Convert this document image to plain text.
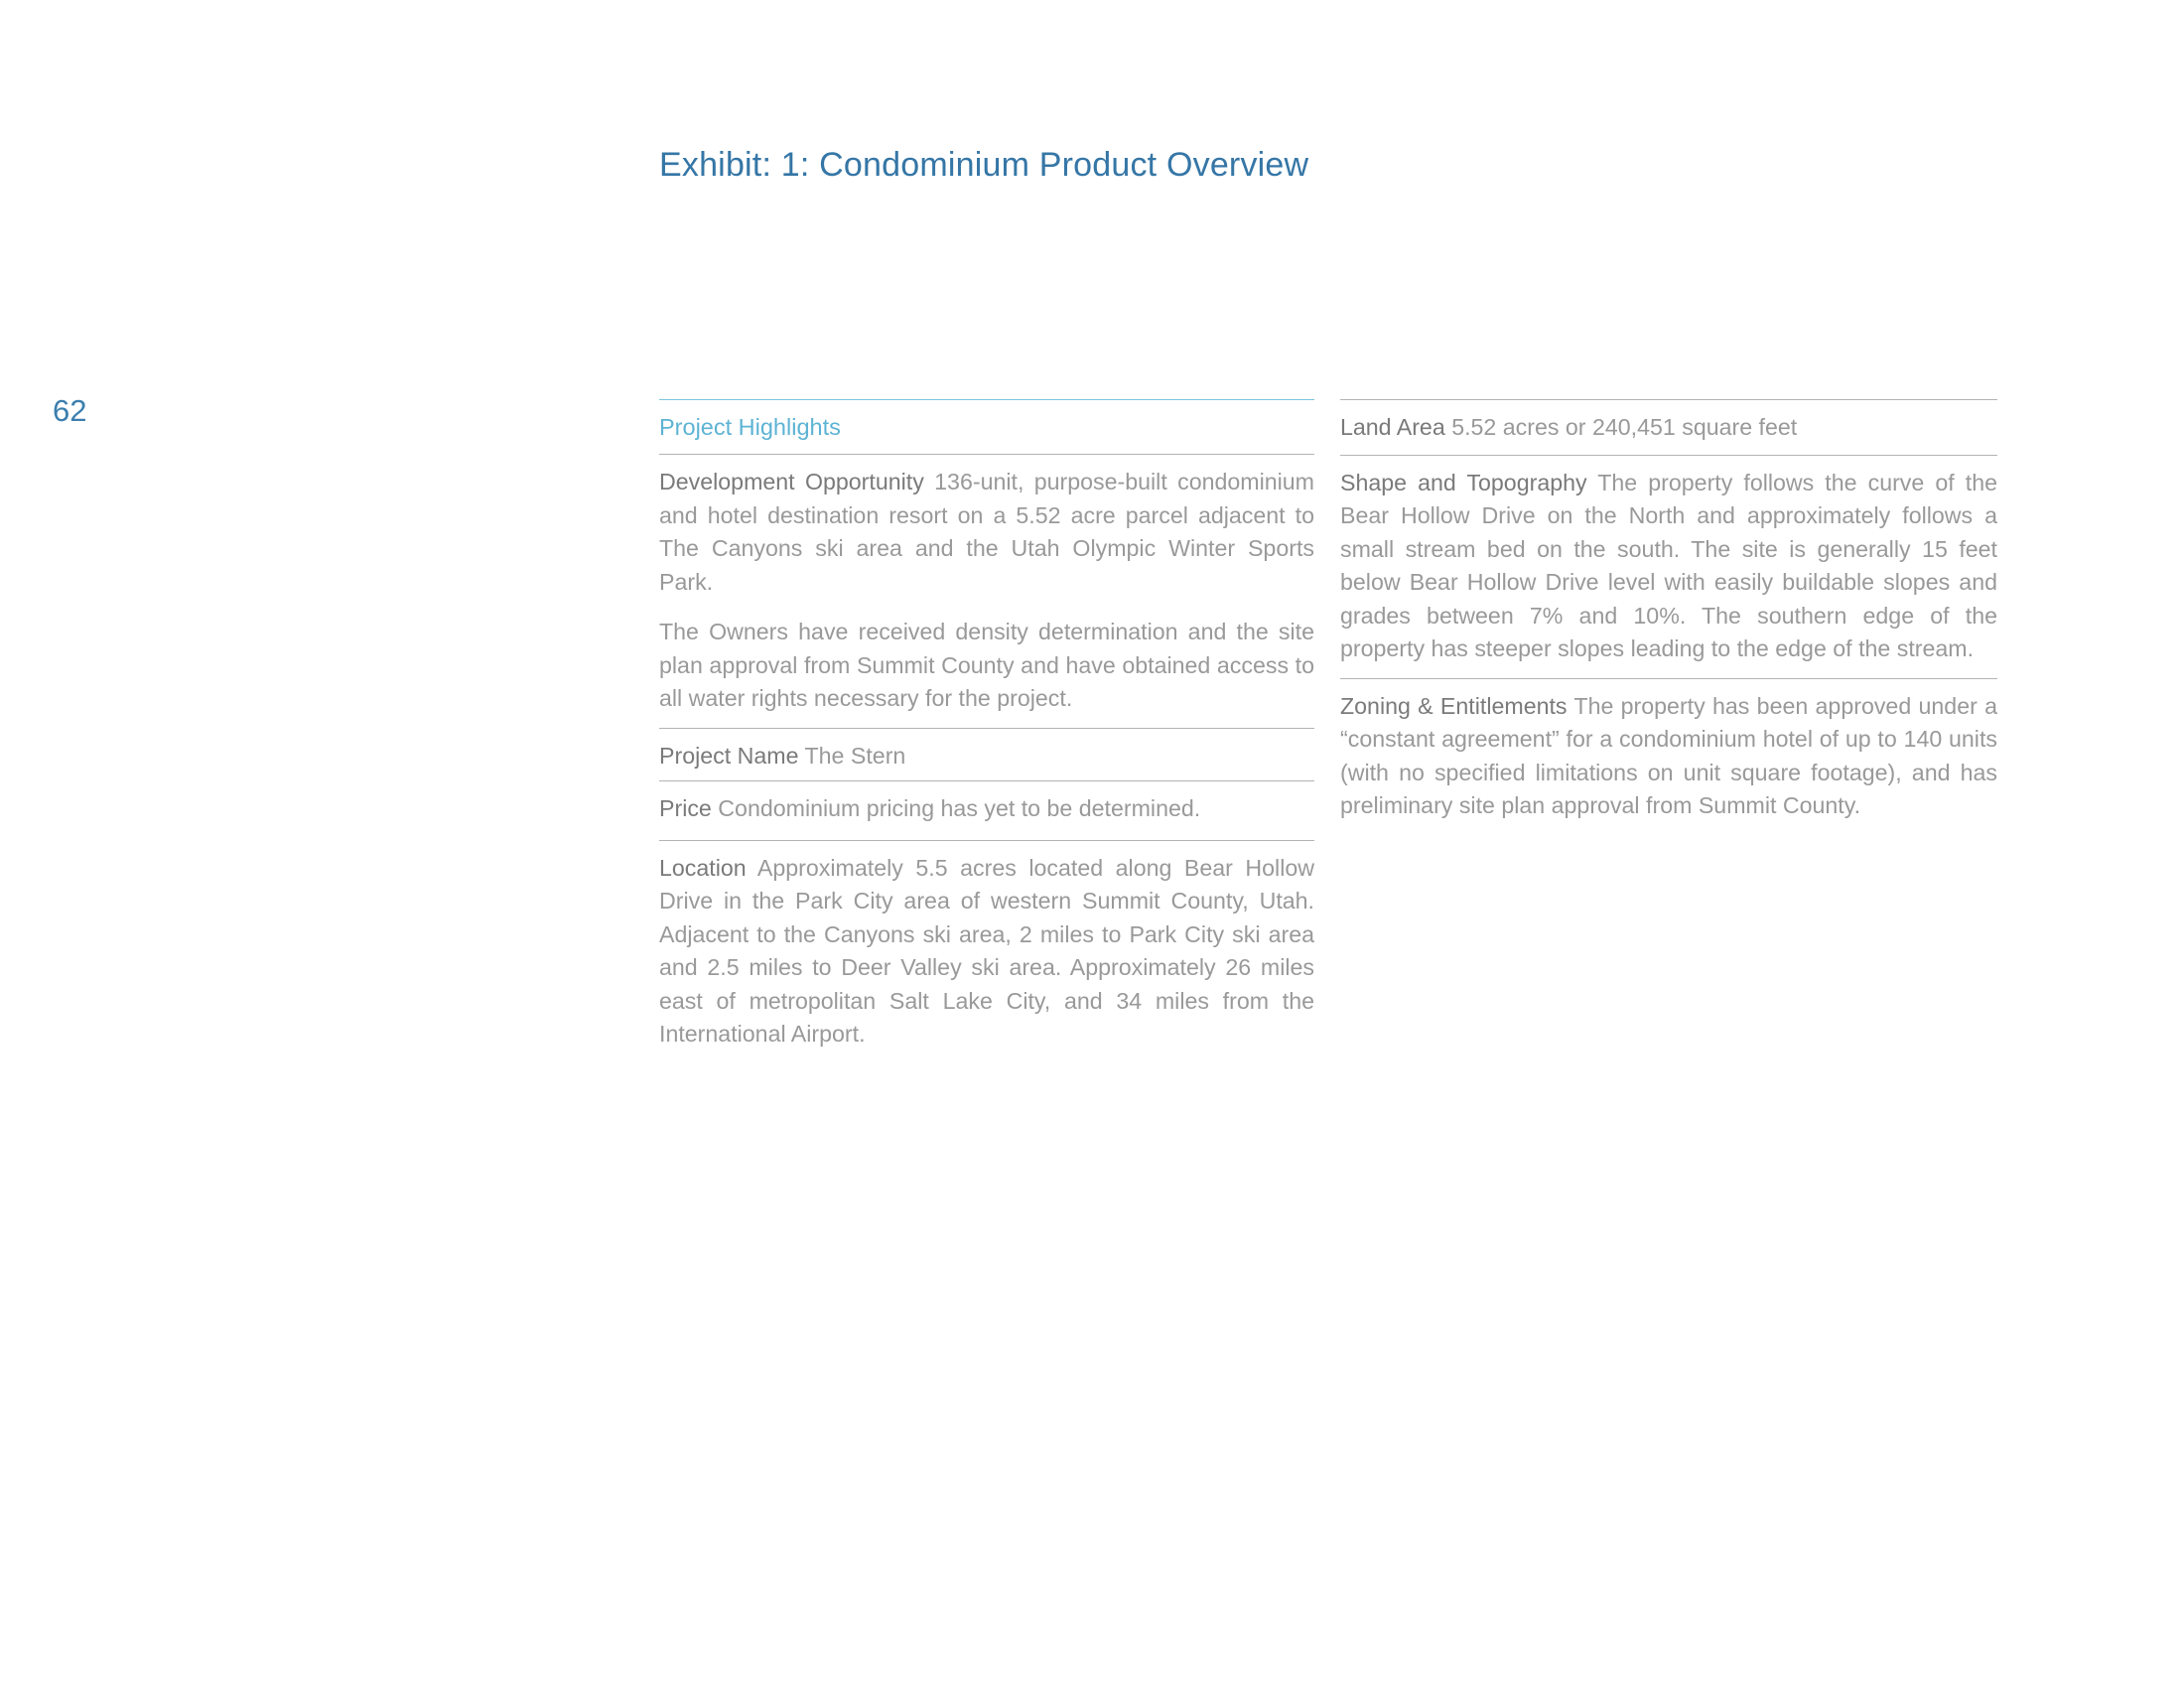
62
Exhibit: 1: Condominium Product Overview
Project Highlights

Development Opportunity 136-unit, purpose-built condominium and hotel destination resort on a 5.52 acre parcel adjacent to The Canyons ski area and the Utah Olympic Winter Sports Park.

The Owners have received density determination and the site plan approval from Summit County and have obtained access to all water rights necessary for the project.

Project Name The Stern

Price Condominium pricing has yet to be determined.

Location Approximately 5.5 acres located along Bear Hollow Drive in the Park City area of western Summit County, Utah. Adjacent to the Canyons ski area, 2 miles to Park City ski area and 2.5 miles to Deer Valley ski area. Approximately 26 miles east of metropolitan Salt Lake City, and 34 miles from the International Airport.

Land Area 5.52 acres or 240,451 square feet

Shape and Topography The property follows the curve of the Bear Hollow Drive on the North and approximately follows a small stream bed on the south. The site is generally 15 feet below Bear Hollow Drive level with easily buildable slopes and grades between 7% and 10%. The southern edge of the property has steeper slopes leading to the edge of the stream.

Zoning & Entitlements The property has been approved under a “constant agreement” for a condominium hotel of up to 140 units (with no specified limitations on unit square footage), and has preliminary site plan approval from Summit County.
